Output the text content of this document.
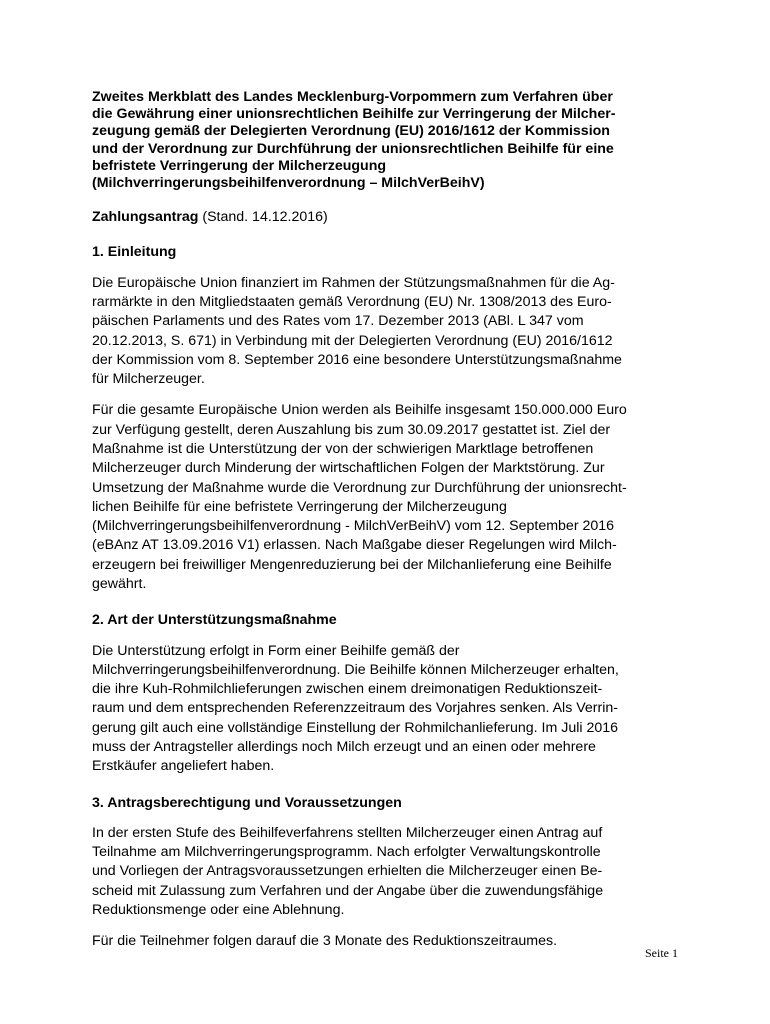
Zweites Merkblatt des Landes Mecklenburg-Vorpommern zum Verfahren über
die Gewährung einer unionsrechtlichen Beihilfe zur Verringerung der Milcher-
zeugung gemäß der Delegierten Verordnung (EU) 2016/1612 der Kommission
und der Verordnung zur Durchführung der unionsrechtlichen Beihilfe für eine
befristete Verringerung der Milcherzeugung
(Milchverringerungsbeihilfenverordnung – MilchVerBeihV)
Zahlungsantrag (Stand. 14.12.2016)
1. Einleitung
Die Europäische Union finanziert im Rahmen der Stützungsmaßnahmen für die Ag-
rarmärkte in den Mitgliedstaaten gemäß Verordnung (EU) Nr. 1308/2013 des Euro-
päischen Parlaments und des Rates vom 17. Dezember 2013 (ABl. L 347 vom
20.12.2013, S. 671) in Verbindung mit der Delegierten Verordnung (EU) 2016/1612
der Kommission vom 8. September 2016 eine besondere Unterstützungsmaßnahme
für Milcherzeuger.
Für die gesamte Europäische Union werden als Beihilfe insgesamt 150.000.000 Euro
zur Verfügung gestellt, deren Auszahlung bis zum 30.09.2017 gestattet ist. Ziel der
Maßnahme ist die Unterstützung der von der schwierigen Marktlage betroffenen
Milcherzeuger durch Minderung der wirtschaftlichen Folgen der Marktstörung. Zur
Umsetzung der Maßnahme wurde die Verordnung zur Durchführung der unionsrecht-
lichen Beihilfe für eine befristete Verringerung der Milcherzeugung
(Milchverringerungsbeihilfenverordnung - MilchVerBeihV) vom 12. September 2016
(eBAnz AT 13.09.2016 V1) erlassen. Nach Maßgabe dieser Regelungen wird Milch-
erzeugern bei freiwilliger Mengenreduzierung bei der Milchanlieferung eine Beihilfe
gewährt.
2. Art der Unterstützungsmaßnahme
Die Unterstützung erfolgt in Form einer Beihilfe gemäß der
Milchverringerungsbeihilfenverordnung. Die Beihilfe können Milcherzeuger erhalten,
die ihre Kuh-Rohmilchlieferungen zwischen einem dreimonatigen Reduktionszeit-
raum und dem entsprechenden Referenzzeitraum des Vorjahres senken. Als Verrin-
gerung gilt auch eine vollständige Einstellung der Rohmilchanlieferung. Im Juli 2016
muss der Antragsteller allerdings noch Milch erzeugt und an einen oder mehrere
Erstkäufer angeliefert haben.
3. Antragsberechtigung und Voraussetzungen
In der ersten Stufe des Beihilfeverfahrens stellten Milcherzeuger einen Antrag auf
Teilnahme am Milchverringerungsprogramm. Nach erfolgter Verwaltungskontrolle
und Vorliegen der Antragsvoraussetzungen erhielten die Milcherzeuger einen Be-
scheid mit Zulassung zum Verfahren und der Angabe über die zuwendungsfähige
Reduktionsmenge oder eine Ablehnung.
Für die Teilnehmer folgen darauf die 3 Monate des Reduktionszeitraumes.
Seite 1
